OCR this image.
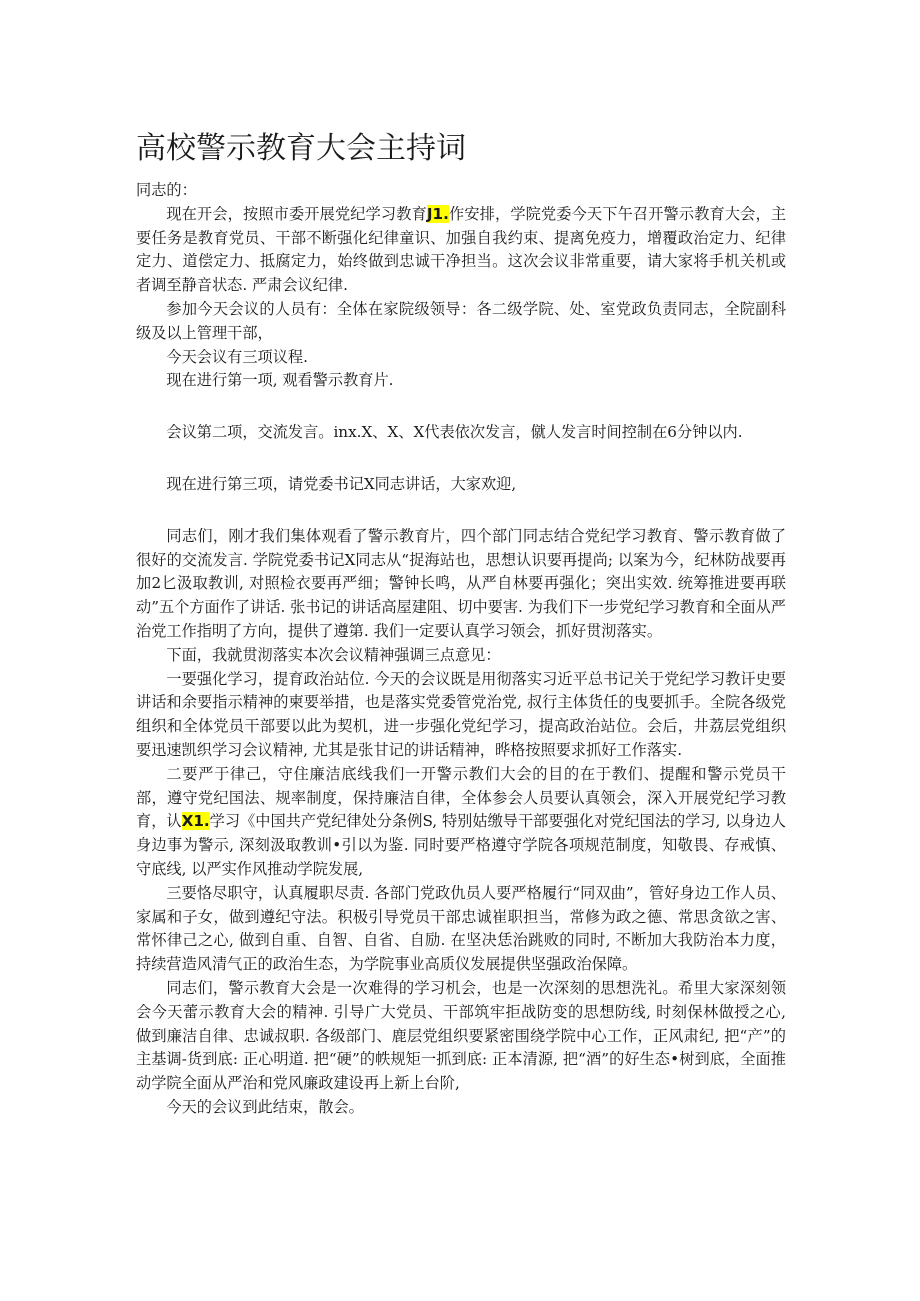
高校警示教育大会主持词

同志的：

现在开会，按照市委开展党纪学习教育J1.作安排，学院党委今天下午召开警示教育大会，主要任务是教育党员、干部不断强化纪律童识、加强自我约束、提离免疫力，增覆政治定力、纪律定力、道偿定力、抵腐定力，始终做到忠诚干净担当。这次会议非常重要，请大家将手机关机或者调至静音状态. 严肃会议纪律.

参加今天会议的人员有：全体在家院级领导：各二级学院、处、室党政负责同志，全院副科级及以上管理干部，

今天会议有三项议程.

现在进行第一项, 观看警示教育片.

会议第二项，交流发言。inx.X、X、X代表依次发言，僦人发言时间控制在6分钟以内.

现在进行第三项，请党委书记X同志讲话，大家欢迎,

同志们，刚才我们集体观看了警示教育片，四个部门同志结合党纪学习教育、警示教育做了很好的交流发言. 学院党委书记X同志从“捉海站也，思想认识要再提尚; 以案为今，纪林防战要再加2匕汲取教训, 对照检衣要再严细；警钟长鸣，从严自林要再强化；突出实效. 统筹推进要再联动”五个方面作了讲话. 张书记的讲话高屋建阻、切中要害. 为我们下一步党纪学习教育和全面从严治党工作指明了方向，提供了遵第. 我们一定要认真学习领会，抓好贯沏落实。

下面，我就贯沏落实本次会议精神强调三点意见：

一要强化学习，提育政治站位. 今天的会议既是用彻落实习近平总书记关于党纪学习教讦史要讲话和余要指示精神的柬要举措，也是落实党委管党治党, 叔行主体货任的曳要抓手。全院各级党组织和全体党员干部要以此为契机，进一步强化党纪学习，提高政治站位。会后，井荔层党组织要迅速凯织学习会议精神, 尤其是张甘记的讲话精神，晔格按照要求抓好工作落实.

二要严于律己，守住廉洁底线我们一开警示教们大会的目的在于教们、提醒和警示党员干部，遵守党纪国法、规率制度，保持廉洁自律，全体参会人员要认真领会，深入开展党纪学习教育，认X1.学习《中国共产党纪律处分条例S, 特别姑缴导干部要强化对党纪国法的学习, 以身边人身边事为警示, 深刻汲取教训•引以为鉴. 同时要严格遵守学院各项规范制度，知敬畏、存戒慎、守底线, 以严实作风推动学院发展,

三要恪尽职守，认真履职尽责. 各部门党政仇员人要严格履行“同双曲”，管好身边工作人员、家属和子女，做到遵纪守法。积极引导党员干部忠诚崔职担当，常修为政之德、常思贪欲之害、常怀律己之心, 做到自重、自智、自省、自励. 在坚决恁治跳败的同时, 不断加大我防治本力度，持续营造风清气正的政治生态，为学院事业高质仪发展提供坚强政治保障。

同志们，警示教育大会是一次难得的学习机会，也是一次深刻的思想洗礼。希里大家深刻领会今天蕾示教育大会的精神. 引导广大党员、干部筑牢拒战防变的思想防线, 时刻保林做授之心, 做到廉洁自律、忠诚叔职. 各级部门、鹿层党组织要紧密围绕学院中心工作，正风肃纪, 把“产”的主基调-货到底: 正心明道. 把“硬”的帙规矩一抓到底: 正本清源, 把“酒”的好生态•树到底，全面推动学院全面从严治和党风廉政建设再上新上台阶,

今天的会议到此结束，散会。
